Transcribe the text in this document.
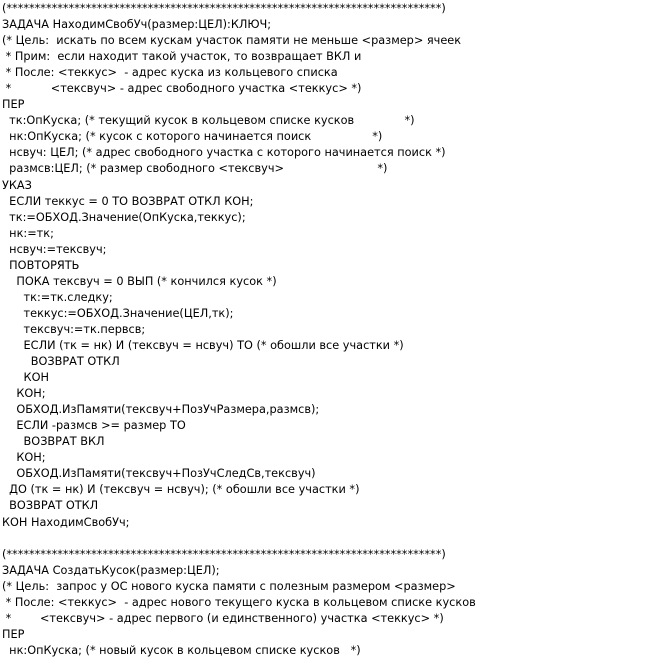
(*****************************************************************************)
ЗАДАЧА НаходимСвобУч(размер:ЦЕЛ):КЛЮЧ;
(* Цель:  искать по всем кускам участок памяти не меньше <размер> ячеек
* Прим:  если находит такой участок, то возвращает ВКЛ и
* После: <теккус>  - адрес куска из кольцевого списка
*           <тексвуч> - адрес свободного участка <теккус> *)
ПЕР
тк:ОпКуска; (* текущий кусок в кольцевом списке кусков              *)
нк:ОпКуска; (* кусок с которого начинается поиск                 *)
нсвуч: ЦЕЛ; (* адрес свободного участка с которого начинается поиск *)
размсв:ЦЕЛ; (* размер свободного <тексвуч>                          *)
УКАЗ
ЕСЛИ теккус = 0 ТО ВОЗВРАТ ОТКЛ КОН;
тк:=ОБХОД.Значение(ОпКуска,теккус);
нк:=тк;
нсвуч:=тексвуч;
ПОВТОРЯТЬ
ПОКА тексвуч = 0 ВЫП (* кончился кусок *)
тк:=тк.следку;
теккус:=ОБХОД.Значение(ЦЕЛ,тк);
тексвуч:=тк.первсв;
ЕСЛИ (тк = нк) И (тексвуч = нсвуч) ТО (* обошли все участки *)
ВОЗВРАТ ОТКЛ
КОН
КОН;
ОБХОД.ИзПамяти(тексвуч+ПозУчРазмера,размсв);
ЕСЛИ -размсв >= размер ТО
ВОЗВРАТ ВКЛ
КОН;
ОБХОД.ИзПамяти(тексвуч+ПозУчСледСв,тексвуч)
ДО (тк = нк) И (тексвуч = нсвуч); (* обошли все участки *)
ВОЗВРАТ ОТКЛ
КОН НаходимСвобУч;
(*****************************************************************************)
ЗАДАЧА СоздатьКусок(размер:ЦЕЛ);
(* Цель:  запрос у ОС нового куска памяти с полезным размером <размер>
* После: <теккус>  - адрес нового текущего куска в кольцевом списке кусков
*        <тексвуч> - адрес первого (и единственного) участка <теккус> *)
ПЕР
нк:ОпКуска; (* новый кусок в кольцевом списке кусков   *)
